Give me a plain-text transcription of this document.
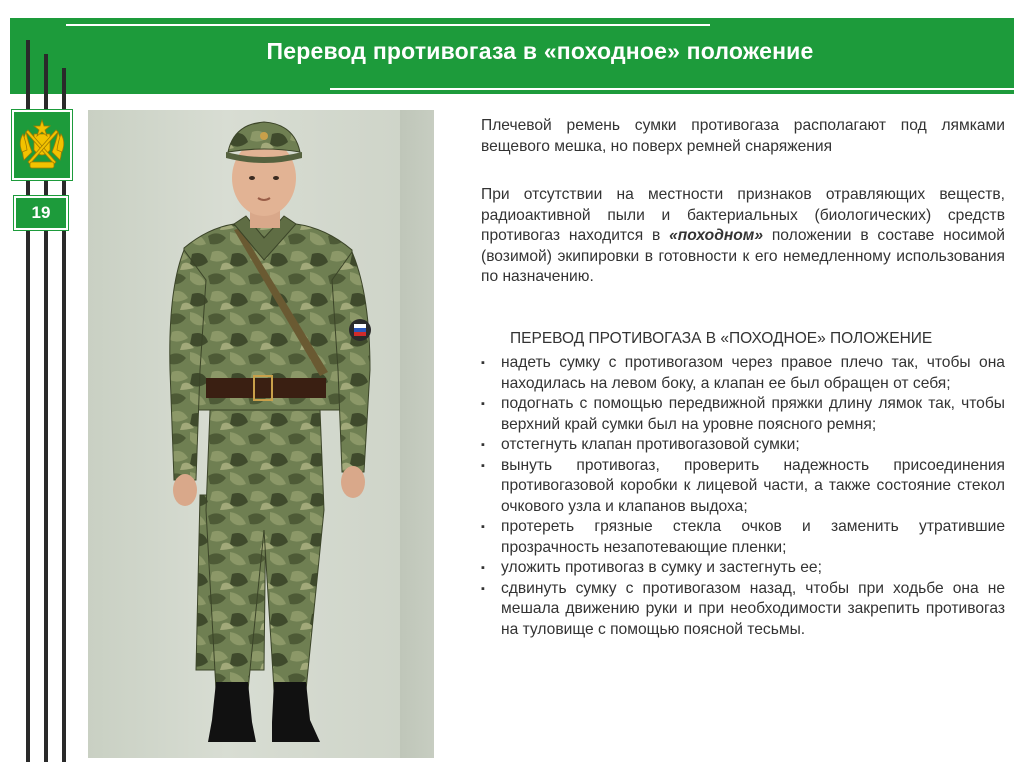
Перевод противогаза в «походное» положение
19
Плечевой ремень сумки противогаза располагают под лямками вещевого мешка, но поверх ремней снаряжения
При отсутствии на местности признаков отравляющих веществ, радиоактивной пыли и бактериальных (биологических) средств противогаз находится в «походном» положении в составе носимой (возимой) экипировки в готовности к его немедленному использования по назначению.
ПЕРЕВОД ПРОТИВОГАЗА В «ПОХОДНОЕ» ПОЛОЖЕНИЕ
▪ надеть сумку с противогазом через правое плечо так, чтобы она находилась на левом боку, а клапан ее был обращен от себя;
▪ подогнать с помощью передвижной пряжки длину лямок так, чтобы верхний край сумки был на уровне поясного ремня;
▪ отстегнуть клапан противогазовой сумки;
▪ вынуть противогаз, проверить надежность присоединения противогазовой коробки к лицевой части, а также состояние стекол очкового узла и клапанов выдоха;
▪ протереть грязные стекла очков и заменить утратившие прозрачность незапотевающие пленки;
▪ уложить противогаз в сумку и застегнуть ее;
▪ сдвинуть сумку с противогазом назад, чтобы при ходьбе она не мешала движению руки и при необходимости закрепить противогаз на туловище с помощью поясной тесьмы.
